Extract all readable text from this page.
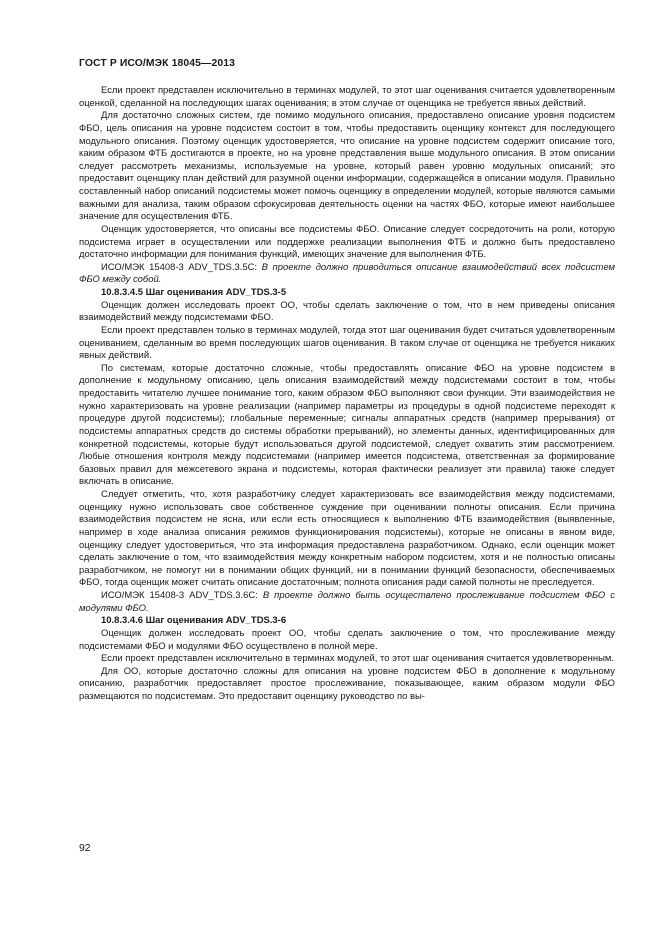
ГОСТ Р ИСО/МЭК 18045—2013

Если проект представлен исключительно в терминах модулей, то этот шаг оценивания считается удовлетворенным оценкой, сделанной на последующих шагах оценивания; в этом случае от оценщика не требуется явных действий.

Для достаточно сложных систем, где помимо модульного описания, предоставлено описание уровня подсистем ФБО, цель описания на уровне подсистем состоит в том, чтобы предоставить оценщику контекст для последующего модульного описания. Поэтому оценщик удостоверяется, что описание на уровне подсистем содержит описание того, каким образом ФТБ достигаются в проекте, но на уровне представления выше модульного описания. В этом описании следует рассмотреть механизмы, используемые на уровне, который равен уровню модульных описаний; это предоставит оценщику план действий для разумной оценки информации, содержащейся в описании модуля. Правильно составленный набор описаний подсистемы может помочь оценщику в определении модулей, которые являются самыми важными для анализа, таким образом сфокусировав деятельность оценки на частях ФБО, которые имеют наибольшее значение для осуществления ФТБ.

Оценщик удостоверяется, что описаны все подсистемы ФБО. Описание следует сосредоточить на роли, которую подсистема играет в осуществлении или поддержке реализации выполнения ФТБ и должно быть предоставлено достаточно информации для понимания функций, имеющих значение для выполнения ФТБ.

ИСО/МЭК 15408-3 ADV_TDS.3.5C: В проекте должно приводиться описание взаимодействий всех подсистем ФБО между собой.

10.8.3.4.5 Шаг оценивания ADV_TDS.3-5

Оценщик должен исследовать проект ОО, чтобы сделать заключение о том, что в нем приведены описания взаимодействий между подсистемами ФБО.

Если проект представлен только в терминах модулей, тогда этот шаг оценивания будет считаться удовлетворенным оцениванием, сделанным во время последующих шагов оценивания. В таком случае от оценщика не требуется никаких явных действий.

По системам, которые достаточно сложные, чтобы предоставлять описание ФБО на уровне подсистем в дополнение к модульному описанию, цель описания взаимодействий между подсистемами состоит в том, чтобы предоставить читателю лучшее понимание того, каким образом ФБО выполняют свои функции. Эти взаимодействия не нужно характеризовать на уровне реализации (например параметры из процедуры в одной подсистеме переходят к процедуре другой подсистемы); глобальные переменные; сигналы аппаратных средств (например прерывания) от подсистемы аппаратных средств до системы обработки прерываний), но элементы данных, идентифицированных для конкретной подсистемы, которые будут использоваться другой подсистемой, следует охватить этим рассмотрением. Любые отношения контроля между подсистемами (например имеется подсистема, ответственная за формирование базовых правил для межсетевого экрана и подсистемы, которая фактически реализует эти правила) также следует включать в описание.

Следует отметить, что, хотя разработчику следует характеризовать все взаимодействия между подсистемами, оценщику нужно использовать свое собственное суждение при оценивании полноты описания. Если причина взаимодействия подсистем не ясна, или если есть относящиеся к выполнению ФТБ взаимодействия (выявленные, например в ходе анализа описания режимов функционирования подсистемы), которые не описаны в явном виде, оценщику следует удостовериться, что эта информация предоставлена разработчиком. Однако, если оценщик может сделать заключение о том, что взаимодействия между конкретным набором подсистем, хотя и не полностью описаны разработчиком, не помогут ни в понимании общих функций, ни в понимании функций безопасности, обеспечиваемых ФБО, тогда оценщик может считать описание достаточным; полнота описания ради самой полноты не преследуется.

ИСО/МЭК 15408-3 ADV_TDS.3.6C: В проекте должно быть осуществлено прослеживание подсистем ФБО с модулями ФБО.

10.8.3.4.6 Шаг оценивания ADV_TDS.3-6

Оценщик должен исследовать проект ОО, чтобы сделать заключение о том, что прослеживание между подсистемами ФБО и модулями ФБО осуществлено в полной мере.

Если проект представлен исключительно в терминах модулей, то этот шаг оценивания считается удовлетворенным.

Для ОО, которые достаточно сложны для описания на уровне подсистем ФБО в дополнение к модульному описанию, разработчик предоставляет простое прослеживание, показывающее, каким образом модули ФБО размещаются по подсистемам. Это предоставит оценщику руководство по вы-

92
